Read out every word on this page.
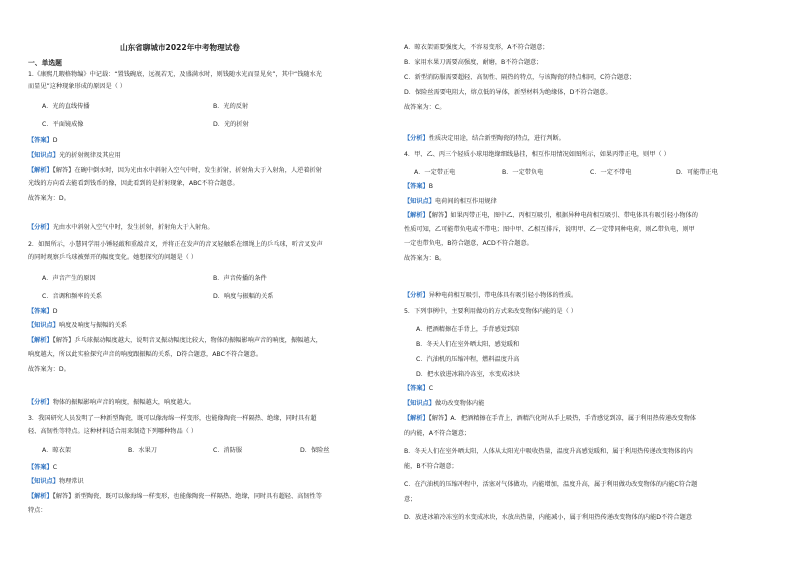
山东省聊城市2022年中考物理试卷
一、单选题
1.《康熙几暇格物编》中记载：“置钱碗底，远视若无，及盛满水时，则钱随水光而显见矣”，其中“钱随水光
而显见”这种现象形成的原因是（ ）
A．光的直线传播	B．光的反射
C．平面镜成像	D．光的折射
【答案】D
【知识点】光的折射规律及其应用
【解析】【解答】在碗中倒水时，因为光由水中斜射入空气中时，发生折射，折射角大于入射角，人逆着折射
光线的方向看去能看到钱币的像，因此看到的是折射现象，ABC不符合题意。
故答案为：D。
【分析】光由水中斜射入空气中时，发生折射，折射角大于入射角。
2．如图所示，小慧同学用小锤轻敲和重敲音叉，并将正在发声的音叉轻触系在细绳上的乒乓球，听音叉发声
的同时观察乒乓球被弹开的幅度变化。她想探究的问题是（ ）
A．声音产生的原因	B．声音传播的条件
C．音调和频率的关系	D．响度与振幅的关系
【答案】D
【知识点】响度及响度与振幅的关系
【解析】【解答】乒乓球振动幅度越大，说明音叉振动幅度比较大，物体的振幅影响声音的响度，振幅越大，
响度越大，所以此实验探究声音的响度跟振幅的关系，D符合题意，ABC不符合题意。
故答案为：D。
【分析】物体的振幅影响声音的响度，振幅越大，响度越大。
3．我国研究人员发明了一种新型陶瓷，既可以像海绵一样变形，也能像陶瓷一样隔热、绝缘，同时具有超
轻、高韧性等特点。这种材料适合用来制造下列哪种物品（ ）
A．晾衣架	B．水果刀	C．消防服	D．保险丝
【答案】C
【知识点】物理常识
【解析】【解答】新型陶瓷，既可以像海绵一样变形，也能像陶瓷一样隔热、绝缘，同时具有超轻、高韧性等
特点：
A．晾衣架需要强度大，不容易变形，A不符合题意；
B．家用水果刀需要高强度，耐磨，B不符合题意；
C．新型消防服需要超轻、高韧性、隔热的特点，与该陶瓷的特点相同，C符合题意；
D．保险丝需要电阻大，熔点低的导体，新型材料为绝缘体，D不符合题意。
故答案为：C。
【分析】性质决定用途，结合新型陶瓷的特点，进行判断。
4．甲、乙、丙三个轻质小球用绝缘细线悬挂，相互作用情况如图所示，如果丙带正电，则甲（ ）
A．一定带正电	B．一定带负电	C．一定不带电	D．可能带正电
【答案】B
【知识点】电荷间的相互作用规律
【解析】【解答】如果丙带正电，图中乙、丙相互吸引，根据异种电荷相互吸引、带电体具有吸引轻小物体的
性质可知，乙可能带负电或不带电；图中甲、乙相互排斥，说明甲、乙一定带同种电荷，则乙带负电，则甲
一定也带负电，B符合题意，ACD不符合题意。
故答案为：B。
【分析】异种电荷相互吸引，带电体具有吸引轻小物体的性质。
5．下列事例中，主要利用做功的方式来改变物体内能的是（ ）
A．把酒精擦在手背上，手背感觉到凉
B．冬天人们在室外晒太阳，感觉暖和
C．汽油机的压缩冲程，燃料温度升高
D．把水放进冰箱冷冻室，水变成冰块
【答案】C
【知识点】做功改变物体内能
【解析】【解答】A．把酒精擦在手背上，酒精汽化时从手上吸热，手背感觉到凉，属于利用热传递改变物体
的内能，A不符合题意；
B．冬天人们在室外晒太阳，人体从太阳光中吸收热量，温度升高感觉暖和，属于利用热传递改变物体的内
能，B不符合题意；
C．在汽油机的压缩冲程中，活塞对气体做功，内能增加，温度升高，属于利用做功改变物体的内能C符合题
意；
D．放进冰箱冷冻室的水变成冰块，水放出热量，内能减小，属于利用热传递改变物体的内能D不符合题意
